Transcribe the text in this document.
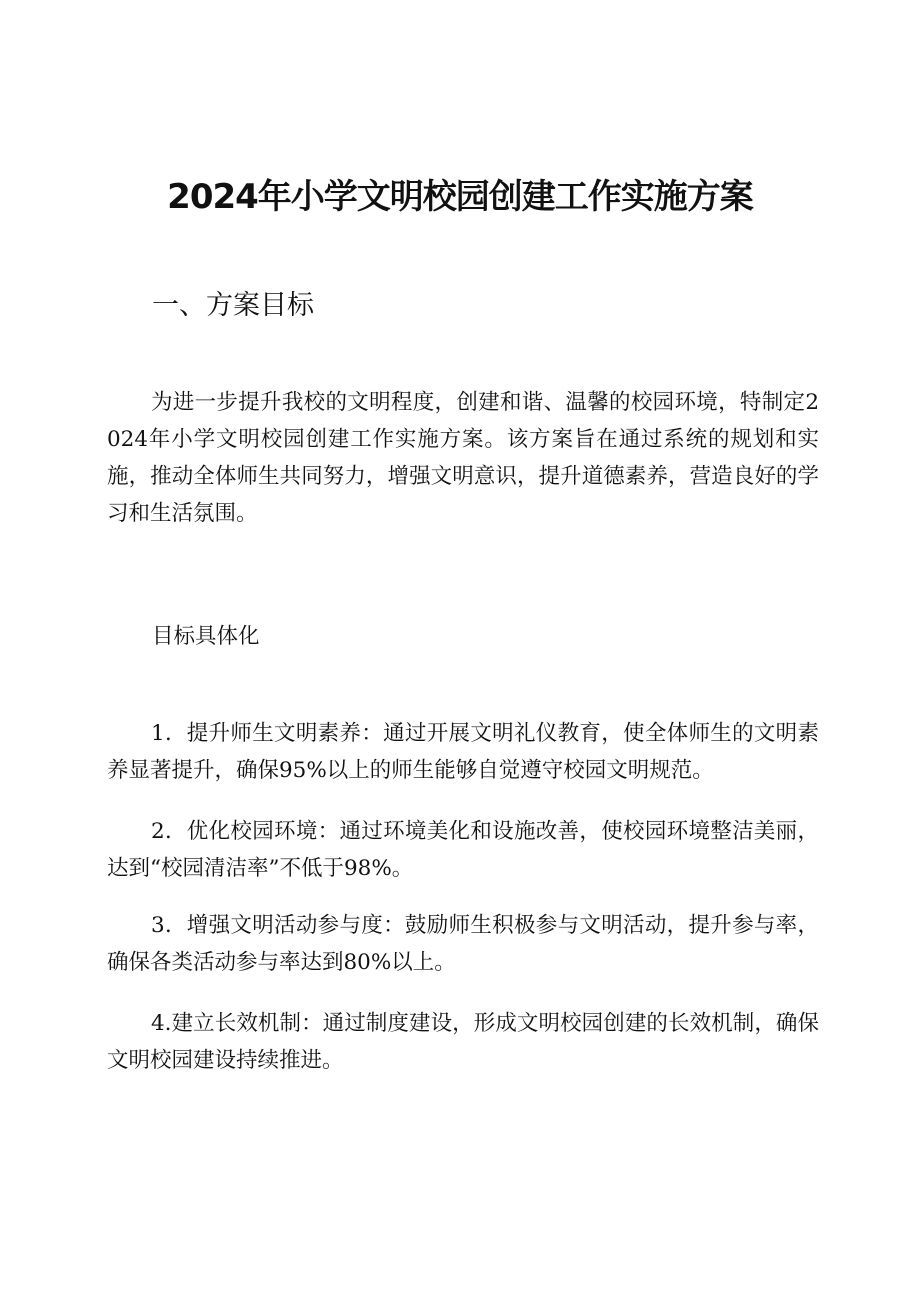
2024年小学文明校园创建工作实施方案
一、方案目标

为进一步提升我校的文明程度，创建和谐、温馨的校园环境，特制定2024年小学文明校园创建工作实施方案。该方案旨在通过系统的规划和实施，推动全体师生共同努力，增强文明意识，提升道德素养，营造良好的学习和生活氛围。

目标具体化

1．提升师生文明素养：通过开展文明礼仪教育，使全体师生的文明素养显著提升，确保95%以上的师生能够自觉遵守校园文明规范。

2．优化校园环境：通过环境美化和设施改善，使校园环境整洁美丽，达到“校园清洁率”不低于98%。

3．增强文明活动参与度：鼓励师生积极参与文明活动，提升参与率，确保各类活动参与率达到80%以上。

4.建立长效机制：通过制度建设，形成文明校园创建的长效机制，确保文明校园建设持续推进。
